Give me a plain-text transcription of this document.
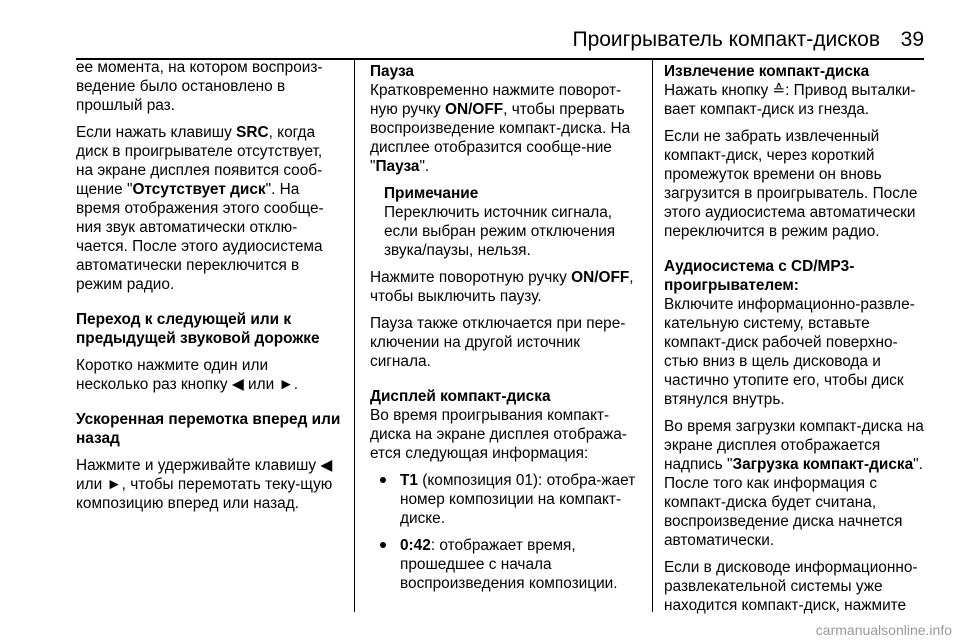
Проигрыватель компакт-дисков 39

ее момента, на котором воспроиз-ведение было остановлено в прошлый раз.

Если нажать клавишу SRC, когда диск в проигрывателе отсутствует, на экране дисплея появится сооб-щение "Отсутствует диск". На время отображения этого сообще-ния звук автоматически отклю-чается. После этого аудиосистема автоматически переключится в режим радио.

Переход к следующей или к предыдущей звуковой дорожке

Коротко нажмите один или несколько раз кнопку ◀ или ►.

Ускоренная перемотка вперед или назад

Нажмите и удерживайте клавишу ◀ или ►, чтобы перемотать теку-щую композицию вперед или назад.

Пауза

Кратковременно нажмите поворот-ную ручку ON/OFF, чтобы прервать воспроизведение компакт-диска. На дисплее отобразится сообще-ние "Пауза".

Примечание

Переключить источник сигнала, если выбран режим отключения звука/паузы, нельзя.

Нажмите поворотную ручку ON/OFF, чтобы выключить паузу.

Пауза также отключается при пере-ключении на другой источник сигнала.

Дисплей компакт-диска

Во время проигрывания компакт-диска на экране дисплея отобража-ется следующая информация:

T1 (композиция 01): отобра-жает номер композиции на компакт-диске.
0:42: отображает время, прошедшее с начала воспроизведения композиции.

Извлечение компакт-диска

Нажать кнопку ≙: Привод выталки-вает компакт-диск из гнезда.

Если не забрать извлеченный компакт-диск, через короткий промежуток времени он вновь загрузится в проигрыватель. После этого аудиосистема автоматически переключится в режим радио.

Аудиосистема с CD/MP3-проигрывателем:

Включите информационно-развле-кательную систему, вставьте компакт-диск рабочей поверхно-стью вниз в щель дисковода и частично утопите его, чтобы диск втянулся внутрь.

Во время загрузки компакт-диска на экране дисплея отображается надпись "Загрузка компакт-диска". После того как информация с компакт-диска будет считана, воспроизведение диска начнется автоматически.

Если в дисководе информационно-развлекательной системы уже находится компакт-диск, нажмите

carmanualsonline.info
